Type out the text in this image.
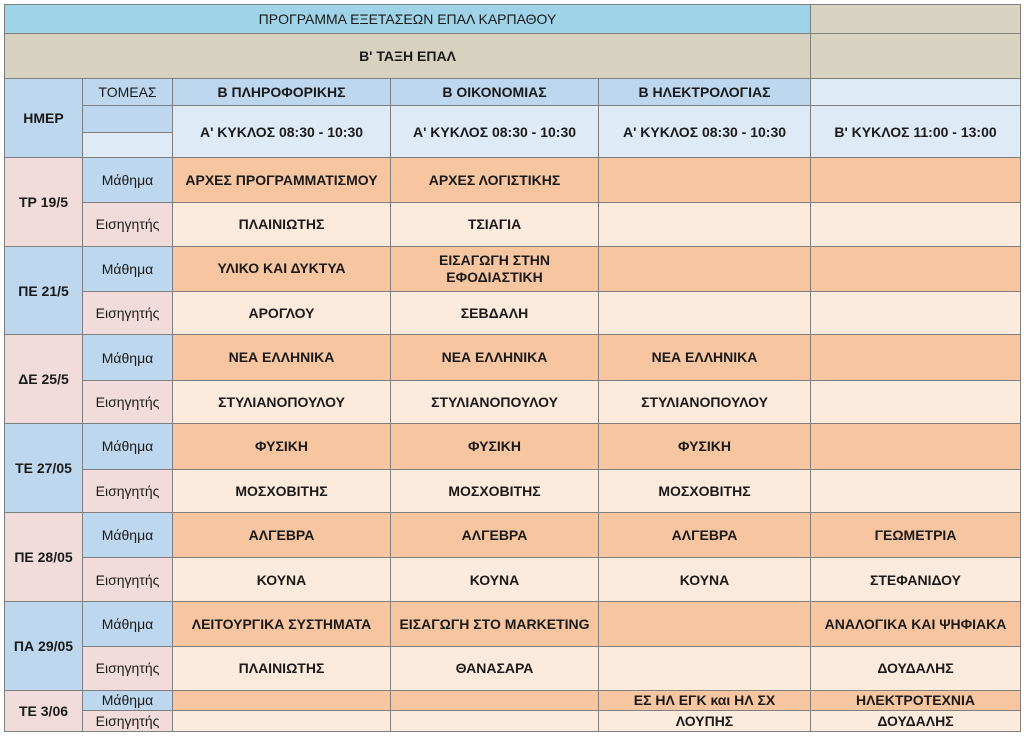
ΠΡΟΓΡΑΜΜΑ ΕΞΕΤΑΣΕΩΝ ΕΠΑΛ ΚΑΡΠΑΘΟΥ					
Β' ΤΑΞΗ ΕΠΑΛ					
ΗΜΕΡ	ΤΟΜΕΑΣ	Β ΠΛΗΡΟΦΟΡΙΚΗΣ	Β ΟΙΚΟΝΟΜΙΑΣ	Β ΗΛΕΚΤΡΟΛΟΓΙΑΣ	
		Α' ΚΥΚΛΟΣ 08:30 - 10:30	Α' ΚΥΚΛΟΣ 08:30 - 10:30	Α' ΚΥΚΛΟΣ 08:30 - 10:30	Β' ΚΥΚΛΟΣ 11:00 - 13:00

ΤΡ 19/5	Μάθημα	ΑΡΧΕΣ ΠΡΟΓΡΑΜΜΑΤΙΣΜΟΥ	ΑΡΧΕΣ ΛΟΓΙΣΤΙΚΗΣ		
	Εισηγητής	ΠΛΑΙΝΙΩΤΗΣ	ΤΣΙΑΓΙΑ		
ΠΕ 21/5	Μάθημα	ΥΛΙΚΟ ΚΑΙ ΔΥΚΤΥΑ	ΕΙΣΑΓΩΓΗ ΣΤΗΝ ΕΦΟΔΙΑΣΤΙΚΗ		
	Εισηγητής	ΑΡΟΓΛΟΥ	ΣΕΒΔΑΛΗ		
ΔΕ 25/5	Μάθημα	ΝΕΑ ΕΛΛΗΝΙΚΑ	ΝΕΑ ΕΛΛΗΝΙΚΑ	ΝΕΑ ΕΛΛΗΝΙΚΑ	
	Εισηγητής	ΣΤΥΛΙΑΝΟΠΟΥΛΟΥ	ΣΤΥΛΙΑΝΟΠΟΥΛΟΥ	ΣΤΥΛΙΑΝΟΠΟΥΛΟΥ	
ΤΕ 27/05	Μάθημα	ΦΥΣΙΚΗ	ΦΥΣΙΚΗ	ΦΥΣΙΚΗ	
	Εισηγητής	ΜΟΣΧΟΒΙΤΗΣ	ΜΟΣΧΟΒΙΤΗΣ	ΜΟΣΧΟΒΙΤΗΣ	
ΠΕ 28/05	Μάθημα	ΑΛΓΕΒΡΑ	ΑΛΓΕΒΡΑ	ΑΛΓΕΒΡΑ	ΓΕΩΜΕΤΡΙΑ
	Εισηγητής	ΚΟΥΝΑ	ΚΟΥΝΑ	ΚΟΥΝΑ	ΣΤΕΦΑΝΙΔΟΥ
ΠΑ 29/05	Μάθημα	ΛΕΙΤΟΥΡΓΙΚΑ ΣΥΣΤΗΜΑΤΑ	ΕΙΣΑΓΩΓΗ ΣΤΟ MARKETING		ΑΝΑΛΟΓΙΚΑ ΚΑΙ ΨΗΦΙΑΚΑ
	Εισηγητής	ΠΛΑΙΝΙΩΤΗΣ	ΘΑΝΑΣΑΡΑ		ΔΟΥΔΑΛΗΣ
ΤΕ 3/06	Μάθημα			ΕΣ ΗΛ ΕΓΚ και ΗΛ ΣΧ	ΗΛΕΚΤΡΟΤΕΧΝΙΑ
	Εισηγητής			ΛΟΥΠΗΣ	ΔΟΥΔΑΛΗΣ
